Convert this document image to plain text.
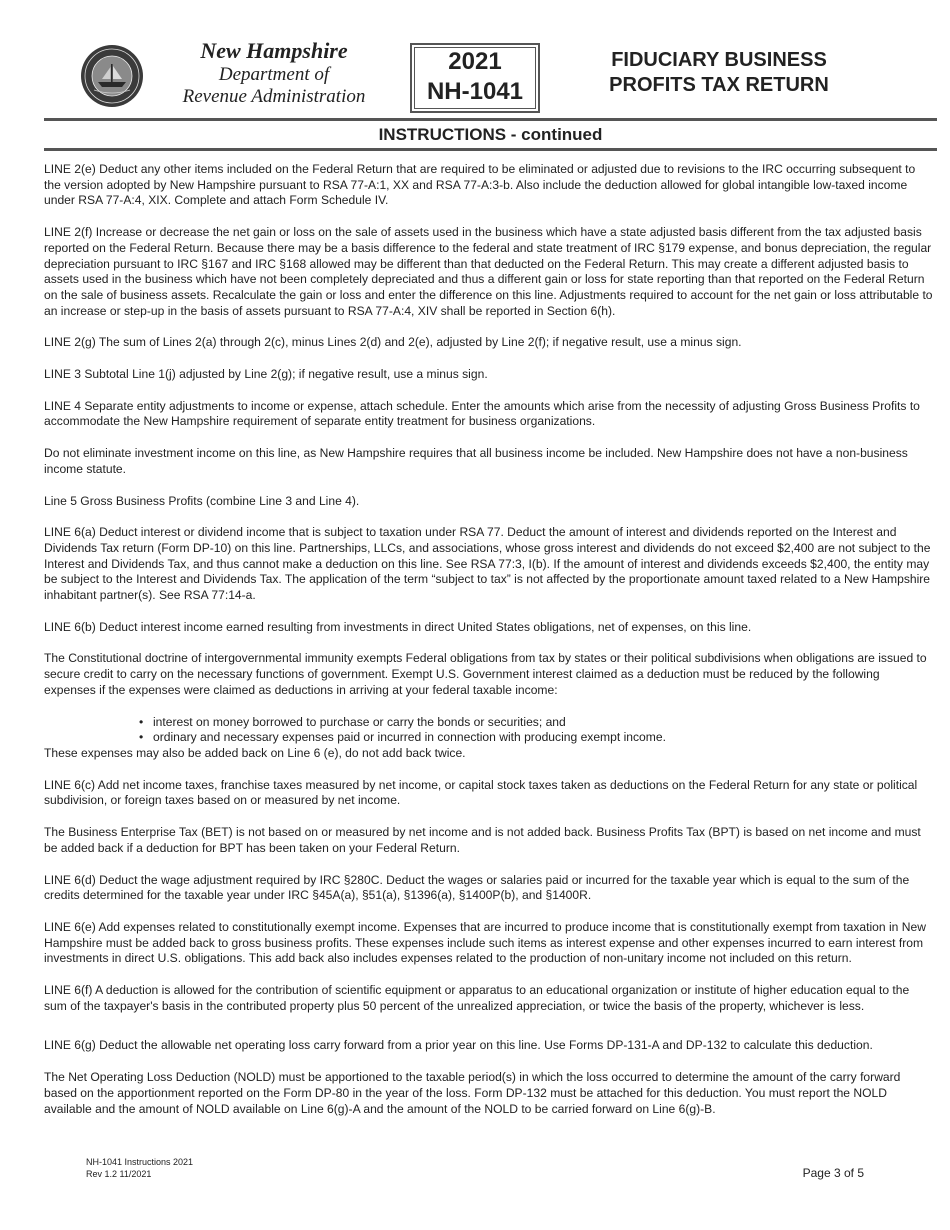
New Hampshire
Department of
Revenue Administration
2021
NH-1041
FIDUCIARY BUSINESS
PROFITS TAX RETURN
INSTRUCTIONS - continued

LINE 2(e) Deduct any other items included on the Federal Return that are required to be eliminated or adjusted due to revisions to the IRC occurring subsequent to the version adopted by New Hampshire pursuant to RSA 77-A:1, XX and RSA 77-A:3-b. Also include the deduction allowed for global intangible low-taxed income under RSA 77-A:4, XIX. Complete and attach Form Schedule IV.

LINE 2(f) Increase or decrease the net gain or loss on the sale of assets used in the business which have a state adjusted basis different from the tax adjusted basis reported on the Federal Return. Because there may be a basis difference to the federal and state treatment of IRC §179 expense, and bonus depreciation, the regular depreciation pursuant to IRC §167 and IRC §168 allowed may be different than that deducted on the Federal Return. This may create a different adjusted basis to assets used in the business which have not been completely depreciated and thus a different gain or loss for state reporting than that reported on the Federal Return on the sale of business assets. Recalculate the gain or loss and enter the difference on this line. Adjustments required to account for the net gain or loss attributable to an increase or step-up in the basis of assets pursuant to RSA 77-A:4, XIV shall be reported in Section 6(h).

LINE 2(g) The sum of Lines 2(a) through 2(c), minus Lines 2(d) and 2(e), adjusted by Line 2(f); if negative result, use a minus sign.

LINE 3 Subtotal Line 1(j) adjusted by Line 2(g); if negative result, use a minus sign.

LINE 4 Separate entity adjustments to income or expense, attach schedule. Enter the amounts which arise from the necessity of adjusting Gross Business Profits to accommodate the New Hampshire requirement of separate entity treatment for business organizations.

Do not eliminate investment income on this line, as New Hampshire requires that all business income be included. New Hampshire does not have a non-business income statute.

Line 5 Gross Business Profits (combine Line 3 and Line 4).

LINE 6(a) Deduct interest or dividend income that is subject to taxation under RSA 77. Deduct the amount of interest and dividends reported on the Interest and Dividends Tax return (Form DP-10) on this line. Partnerships, LLCs, and associations, whose gross interest and dividends do not exceed $2,400 are not subject to the Interest and Dividends Tax, and thus cannot make a deduction on this line. See RSA 77:3, I(b). If the amount of interest and dividends exceeds $2,400, the entity may be subject to the Interest and Dividends Tax. The application of the term “subject to tax” is not affected by the proportionate amount taxed related to a New Hampshire inhabitant partner(s). See RSA 77:14-a.

LINE 6(b) Deduct interest income earned resulting from investments in direct United States obligations, net of expenses, on this line.

The Constitutional doctrine of intergovernmental immunity exempts Federal obligations from tax by states or their political subdivisions when obligations are issued to secure credit to carry on the necessary functions of government. Exempt U.S. Government interest claimed as a deduction must be reduced by the following expenses if the expenses were claimed as deductions in arriving at your federal taxable income:

• interest on money borrowed to purchase or carry the bonds or securities; and
• ordinary and necessary expenses paid or incurred in connection with producing exempt income.

These expenses may also be added back on Line 6 (e), do not add back twice.

LINE 6(c) Add net income taxes, franchise taxes measured by net income, or capital stock taxes taken as deductions on the Federal Return for any state or political subdivision, or foreign taxes based on or measured by net income.

The Business Enterprise Tax (BET) is not based on or measured by net income and is not added back. Business Profits Tax (BPT) is based on net income and must be added back if a deduction for BPT has been taken on your Federal Return.

LINE 6(d) Deduct the wage adjustment required by IRC §280C. Deduct the wages or salaries paid or incurred for the taxable year which is equal to the sum of the credits determined for the taxable year under IRC §45A(a), §51(a), §1396(a), §1400P(b), and §1400R.

LINE 6(e) Add expenses related to constitutionally exempt income. Expenses that are incurred to produce income that is constitutionally exempt from taxation in New Hampshire must be added back to gross business profits. These expenses include such items as interest expense and other expenses incurred to earn interest from investments in direct U.S. obligations. This add back also includes expenses related to the production of non-unitary income not included on this return.

LINE 6(f) A deduction is allowed for the contribution of scientific equipment or apparatus to an educational organization or institute of higher education equal to the sum of the taxpayer's basis in the contributed property plus 50 percent of the unrealized appreciation, or twice the basis of the property, whichever is less.

LINE 6(g) Deduct the allowable net operating loss carry forward from a prior year on this line. Use Forms DP-131-A and DP-132 to calculate this deduction.

The Net Operating Loss Deduction (NOLD) must be apportioned to the taxable period(s) in which the loss occurred to determine the amount of the carry forward based on the apportionment reported on the Form DP-80 in the year of the loss. Form DP-132 must be attached for this deduction. You must report the NOLD available and the amount of NOLD available on Line 6(g)-A and the amount of the NOLD to be carried forward on Line 6(g)-B.

NH-1041 Instructions 2021
Rev 1.2 11/2021	Page 3 of 5
